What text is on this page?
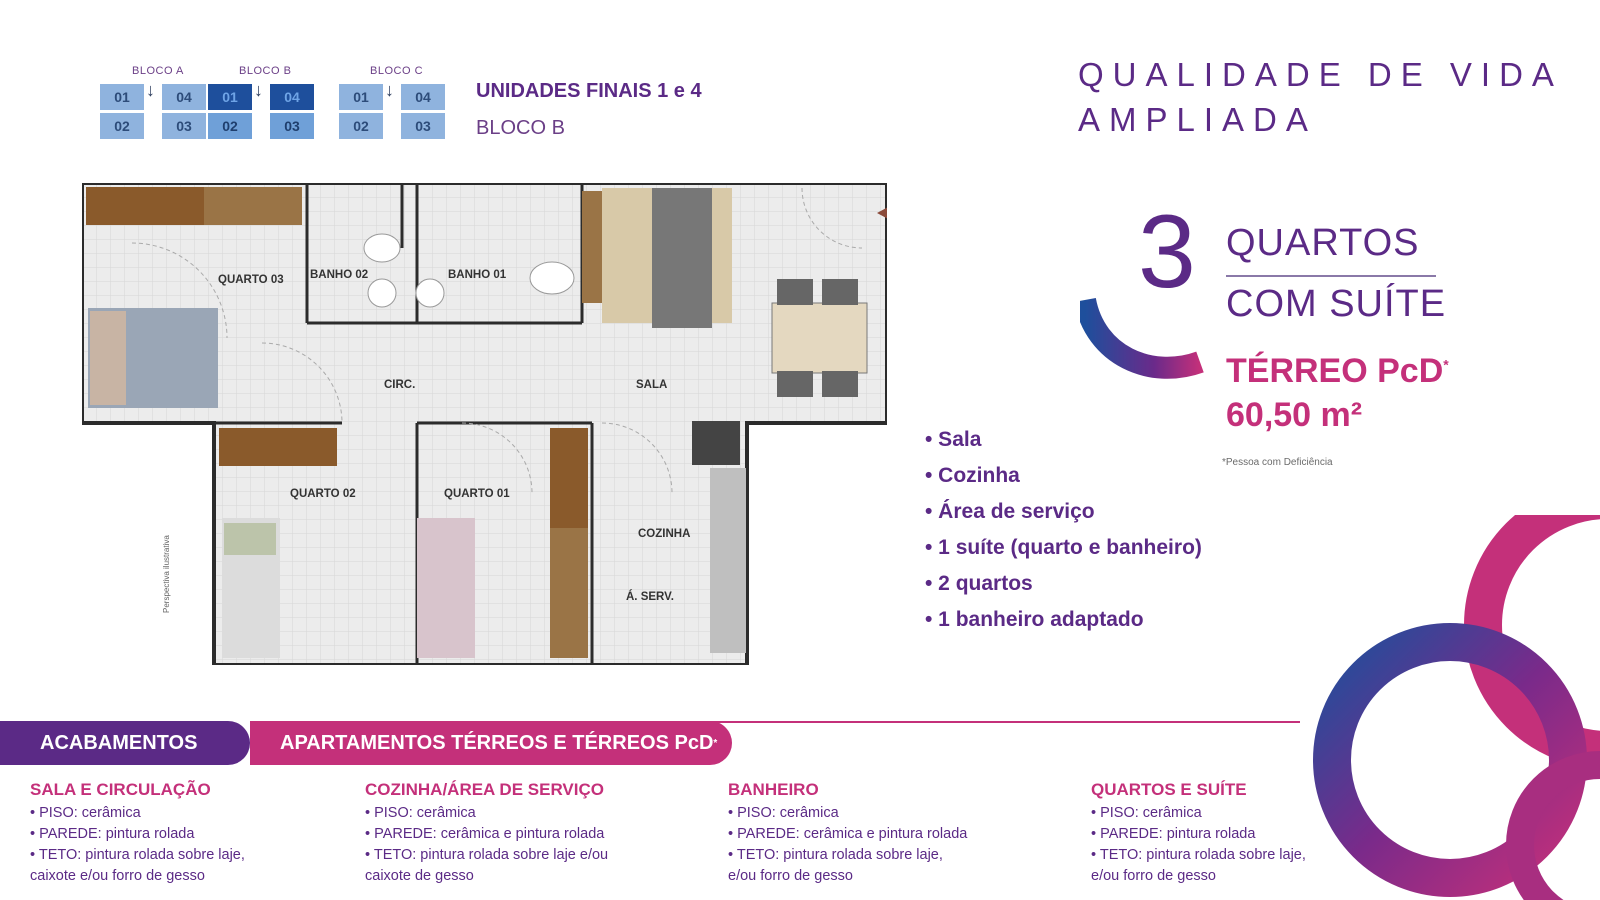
BLOCO A
01 ↓	04
02	03
BLOCO B
01 ↓	04
02	03
BLOCO C
01 ↓	04
02	03
UNIDADES FINAIS 1 e 4
BLOCO B
QUALIDADE DE VIDA
AMPLIADA
3 QUARTOS
COM SUÍTE
TÉRREO PcD*
60,50 m²
*Pessoa com Deficiência
• Sala
• Cozinha
• Área de serviço
• 1 suíte (quarto e banheiro)
• 2 quartos
• 1 banheiro adaptado
QUARTO 03 BANHO 02	BANHO 01
CIRC.	SALA
QUARTO 02	QUARTO 01
COZINHA
Á. SERV.
Perspectiva ilustrativa
APARTAMENTOS TÉRREOS E TÉRREOS PcD *
ACABAMENTOS
SALA E CIRCULAÇÃO
• PISO: cerâmica
• PAREDE: pintura rolada
• TETO: pintura rolada sobre laje,
caixote e/ou forro de gesso
COZINHA/ÁREA DE SERVIÇO
• PISO: cerâmica
• PAREDE: cerâmica e pintura rolada
• TETO: pintura rolada sobre laje e/ou
caixote de gesso
BANHEIRO
• PISO: cerâmica
• PAREDE: cerâmica e pintura rolada
• TETO: pintura rolada sobre laje,
e/ou forro de gesso
QUARTOS E SUÍTE
• PISO: cerâmica
• PAREDE: pintura rolada
• TETO: pintura rolada sobre laje,
e/ou forro de gesso
